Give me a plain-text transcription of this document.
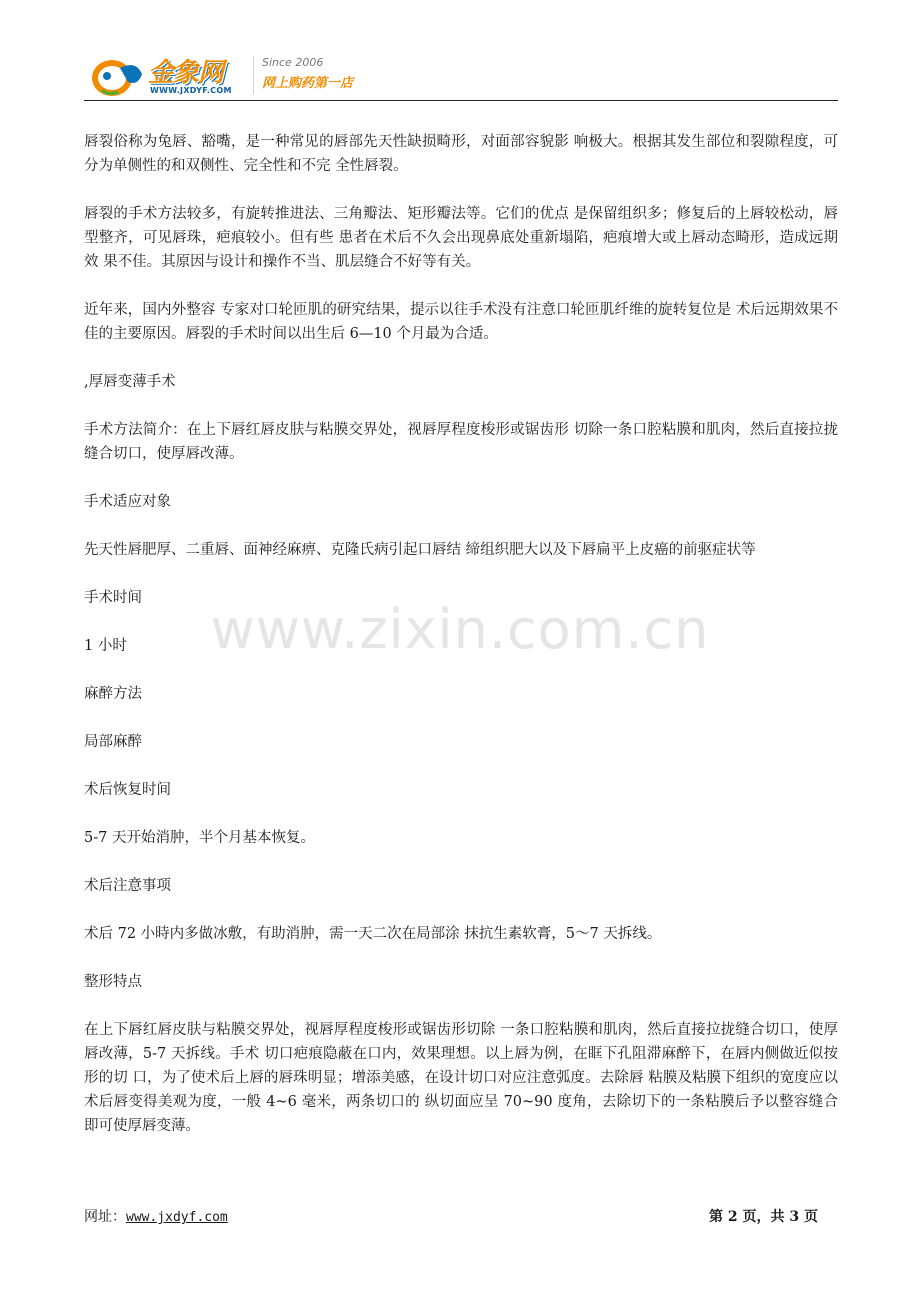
金象网
WWW.JXDYF.COM
Since 2006
网上购药第一店

唇裂俗称为兔唇、豁嘴，是一种常见的唇部先天性缺损畸形，对面部容貌影 响极大。根据其发生部位和裂隙程度，可分为单侧性的和双侧性、完全性和不完 全性唇裂。

唇裂的手术方法较多，有旋转推进法、三角瓣法、矩形瓣法等。它们的优点 是保留组织多；修复后的上唇较松动，唇型整齐，可见唇珠，疤痕较小。但有些 患者在术后不久会出现鼻底处重新塌陷，疤痕增大或上唇动态畸形，造成远期效 果不佳。其原因与设计和操作不当、肌层缝合不好等有关。

近年来，国内外整容 专家对口轮匝肌的研究结果，提示以往手术没有注意口轮匝肌纤维的旋转复位是 术后远期效果不佳的主要原因。唇裂的手术时间以出生后 6—10 个月最为合适。

,厚唇变薄手术

手术方法简介：在上下唇红唇皮肤与粘膜交界处，视唇厚程度梭形或锯齿形 切除一条口腔粘膜和肌肉，然后直接拉拢缝合切口，使厚唇改薄。

手术适应对象

先天性唇肥厚、二重唇、面神经麻痹、克隆氏病引起口唇结 缔组织肥大以及下唇扁平上皮癌的前驱症状等

手术时间

1 小时

麻醉方法

局部麻醉

术后恢复时间

5-7 天开始消肿，半个月基本恢复。

术后注意事项

术后 72 小時内多做冰敷，有助消肿，需一天二次在局部涂 抹抗生素软膏，5～7 天拆线。

整形特点

在上下唇红唇皮肤与粘膜交界处，视唇厚程度梭形或锯齿形切除 一条口腔粘膜和肌肉，然后直接拉拢缝合切口，使厚唇改薄，5-7 天拆线。手术 切口疤痕隐蔽在口内，效果理想。以上唇为例，在眶下孔阻滞麻醉下，在唇内侧做近似按形的切 口，为了使术后上唇的唇珠明显；增添美感，在设计切口对应注意弧度。去除唇 粘膜及粘膜下组织的宽度应以术后唇变得美观为度，一般 4~6 毫米，两条切口的 纵切面应呈 70~90 度角，去除切下的一条粘膜后予以整容缝合即可使厚唇变薄。

www.zixin.com.cn
网址：www.jxdyf.com	第 2 页，共 3 页
